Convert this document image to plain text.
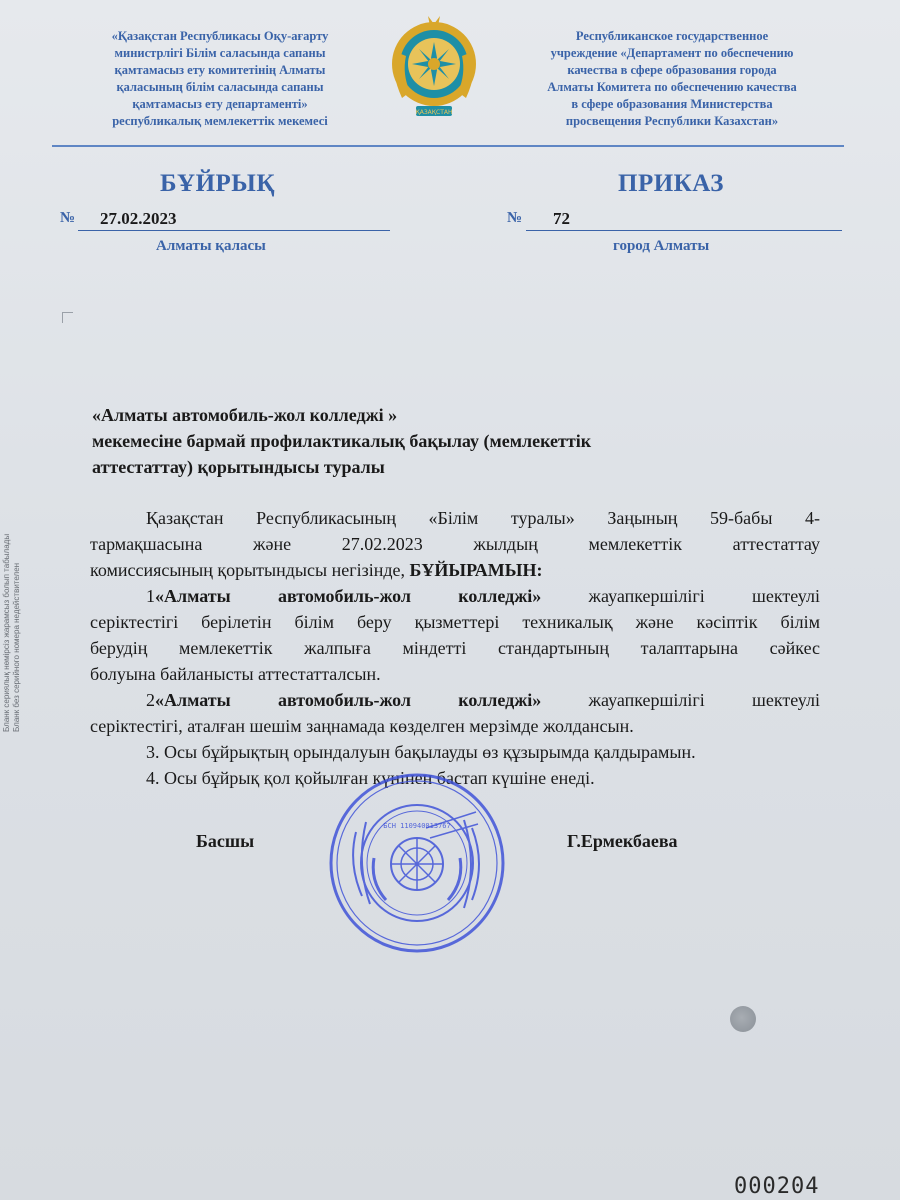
«Қазақстан Республикасы Оқу-ағарту
министрлігі Білім саласында сапаны
қамтамасыз ету комитетінің Алматы
қаласының білім саласында сапаны
қамтамасыз ету департаменті»
республикалық мемлекеттік мекемесі
ҚАЗАҚСТАН
Республиканское государственное
учреждение «Департамент по обеспечению
качества в сфере образования города
Алматы Комитета по обеспечению качества
в сфере образования Министерства
просвещения Республики Казахстан»
БҰЙРЫҚ	ПРИКАЗ
№ 27.02.2023	№ 72
Алматы қаласы	город Алматы
«Алматы автомобиль-жол колледжі »
мекемесіне бармай профилактикалық бақылау (мемлекеттік
аттестаттау) қорытындысы туралы

Қазақстан Республикасының «Білім туралы» Заңының 59-бабы 4-
тармақшасына және 27.02.2023 жылдың мемлекеттік аттестаттау
комиссиясының қорытындысы негізінде, БҰЙЫРАМЫН:

1«Алматы автомобиль-жол колледжі» жауапкершілігі шектеулі
серіктестігі берілетін білім беру қызметтері техникалық және кәсіптік білім
берудің мемлекеттік жалпыға міндетті стандартының талаптарына сәйкес
болуына байланысты аттестатталсын.

2«Алматы автомобиль-жол колледжі» жауапкершілігі шектеулі
серіктестігі, аталған шешім заңнамада көзделген мерзімде жолдансын.

3. Осы бұйрықтың орындалуын бақылауды өз құзырымда қалдырамын.

4. Осы бұйрық қол қойылған күнінен бастап күшіне енеді.

БСН 110940013767
Басшы	Г.Ермекбаева
Бланк сериялық нөмірсіз жарамсыз болып табылады Бланк без серийного номера недействителен
000204
